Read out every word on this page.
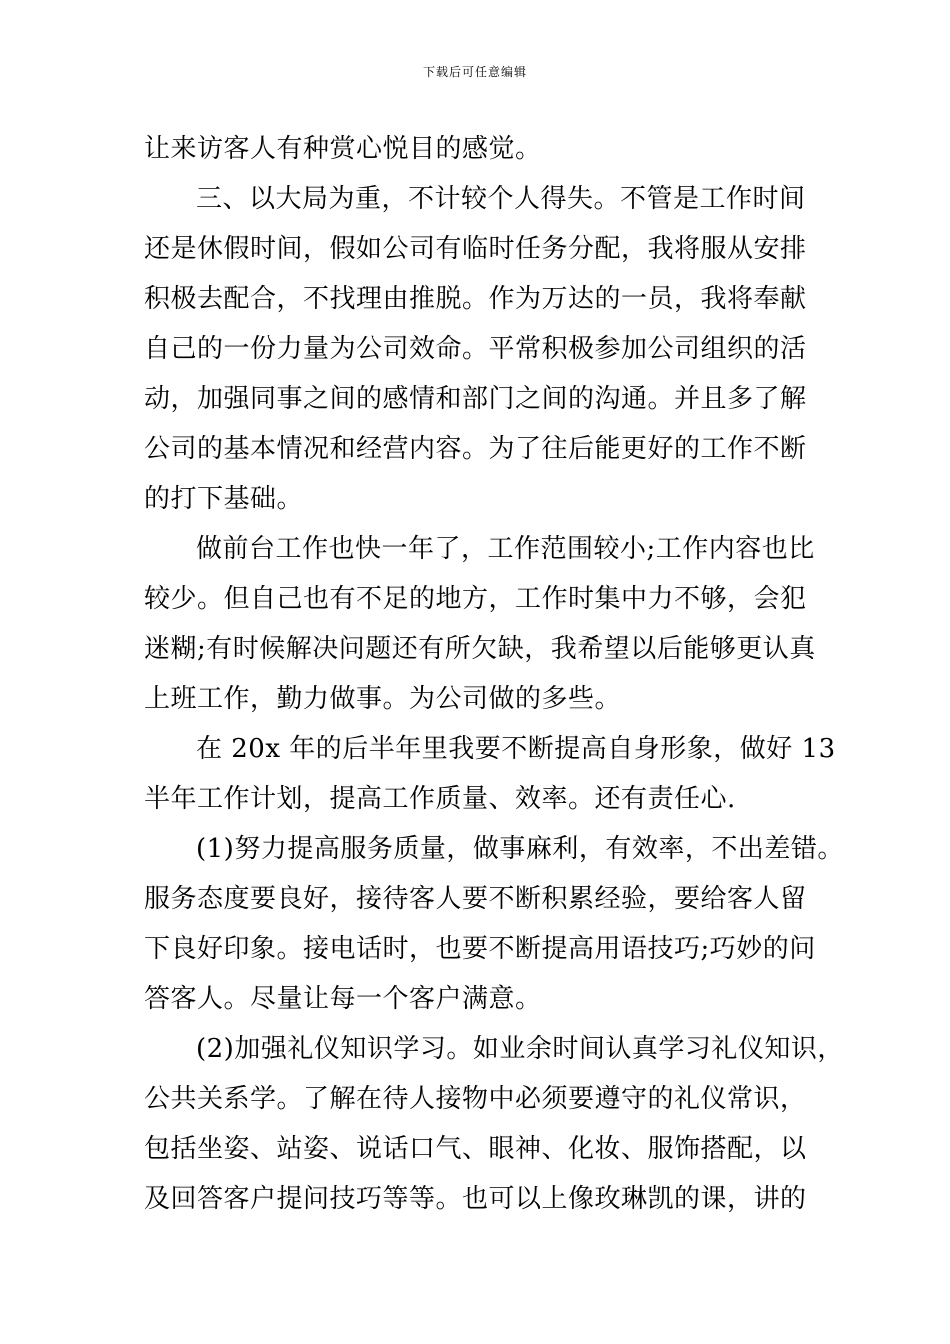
下载后可任意编辑
让来访客人有种赏心悦目的感觉。
三、以大局为重，不计较个人得失。不管是工作时间
还是休假时间，假如公司有临时任务分配，我将服从安排
积极去配合，不找理由推脱。作为万达的一员，我将奉献
自己的一份力量为公司效命。平常积极参加公司组织的活
动，加强同事之间的感情和部门之间的沟通。并且多了解
公司的基本情况和经营内容。为了往后能更好的工作不断
的打下基础。
做前台工作也快一年了，工作范围较小;工作内容也比
较少。但自己也有不足的地方，工作时集中力不够，会犯
迷糊;有时候解决问题还有所欠缺，我希望以后能够更认真
上班工作，勤力做事。为公司做的多些。
在 20x 年的后半年里我要不断提高自身形象，做好 13
半年工作计划，提高工作质量、效率。还有责任心.
(1)努力提高服务质量，做事麻利，有效率，不出差错。
服务态度要良好，接待客人要不断积累经验，要给客人留
下良好印象。接电话时，也要不断提高用语技巧;巧妙的问
答客人。尽量让每一个客户满意。
(2)加强礼仪知识学习。如业余时间认真学习礼仪知识，
公共关系学。了解在待人接物中必须要遵守的礼仪常识，
包括坐姿、站姿、说话口气、眼神、化妆、服饰搭配，以
及回答客户提问技巧等等。也可以上像玫琳凯的课，讲的
